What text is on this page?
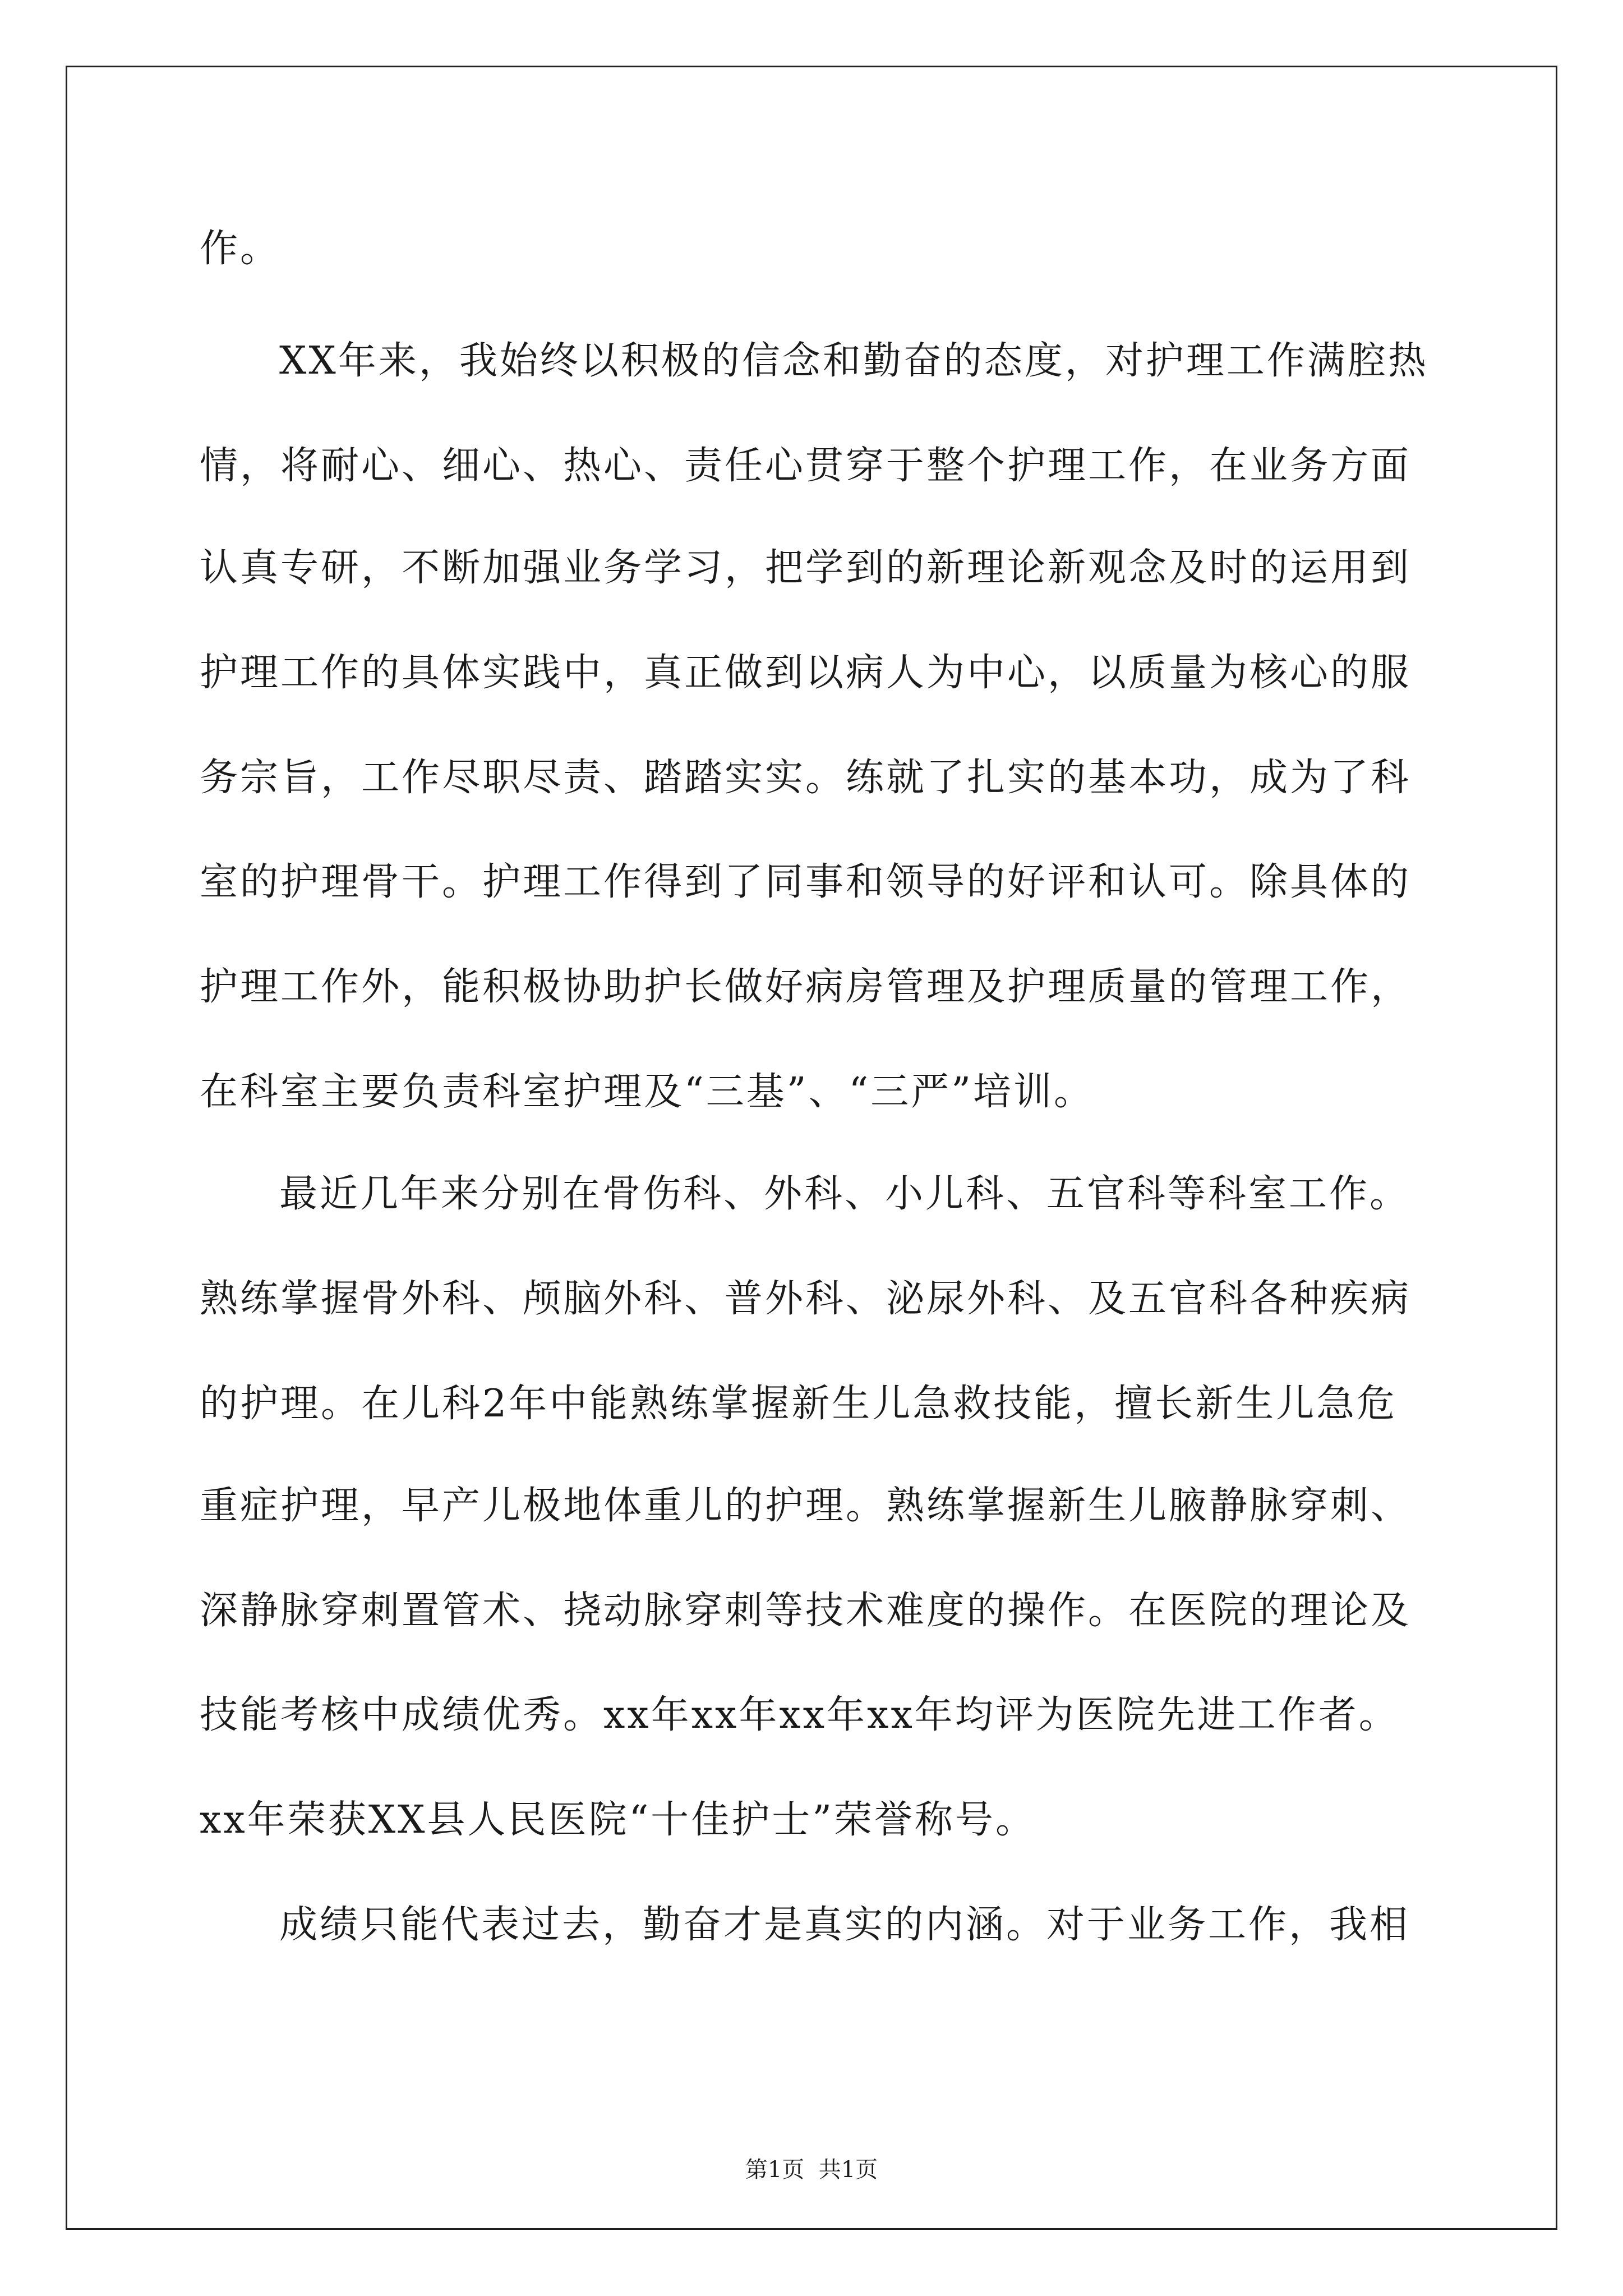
作。
XX年来，我始终以积极的信念和勤奋的态度，对护理工作满腔热
情，将耐心、细心、热心、责任心贯穿于整个护理工作，在业务方面
认真专研，不断加强业务学习，把学到的新理论新观念及时的运用到
护理工作的具体实践中，真正做到以病人为中心，以质量为核心的服
务宗旨，工作尽职尽责、踏踏实实。练就了扎实的基本功，成为了科
室的护理骨干。护理工作得到了同事和领导的好评和认可。除具体的
护理工作外，能积极协助护长做好病房管理及护理质量的管理工作，
在科室主要负责科室护理及“三基”、“三严”培训。
最近几年来分别在骨伤科、外科、小儿科、五官科等科室工作。
熟练掌握骨外科、颅脑外科、普外科、泌尿外科、及五官科各种疾病
的护理。在儿科2年中能熟练掌握新生儿急救技能，擅长新生儿急危
重症护理，早产儿极地体重儿的护理。熟练掌握新生儿腋静脉穿刺、
深静脉穿刺置管术、挠动脉穿刺等技术难度的操作。在医院的理论及
技能考核中成绩优秀。xx年xx年xx年xx年均评为医院先进工作者。
xx年荣获XX县人民医院“十佳护士”荣誉称号。
成绩只能代表过去，勤奋才是真实的内涵。对于业务工作，我相
第1页  共1页
